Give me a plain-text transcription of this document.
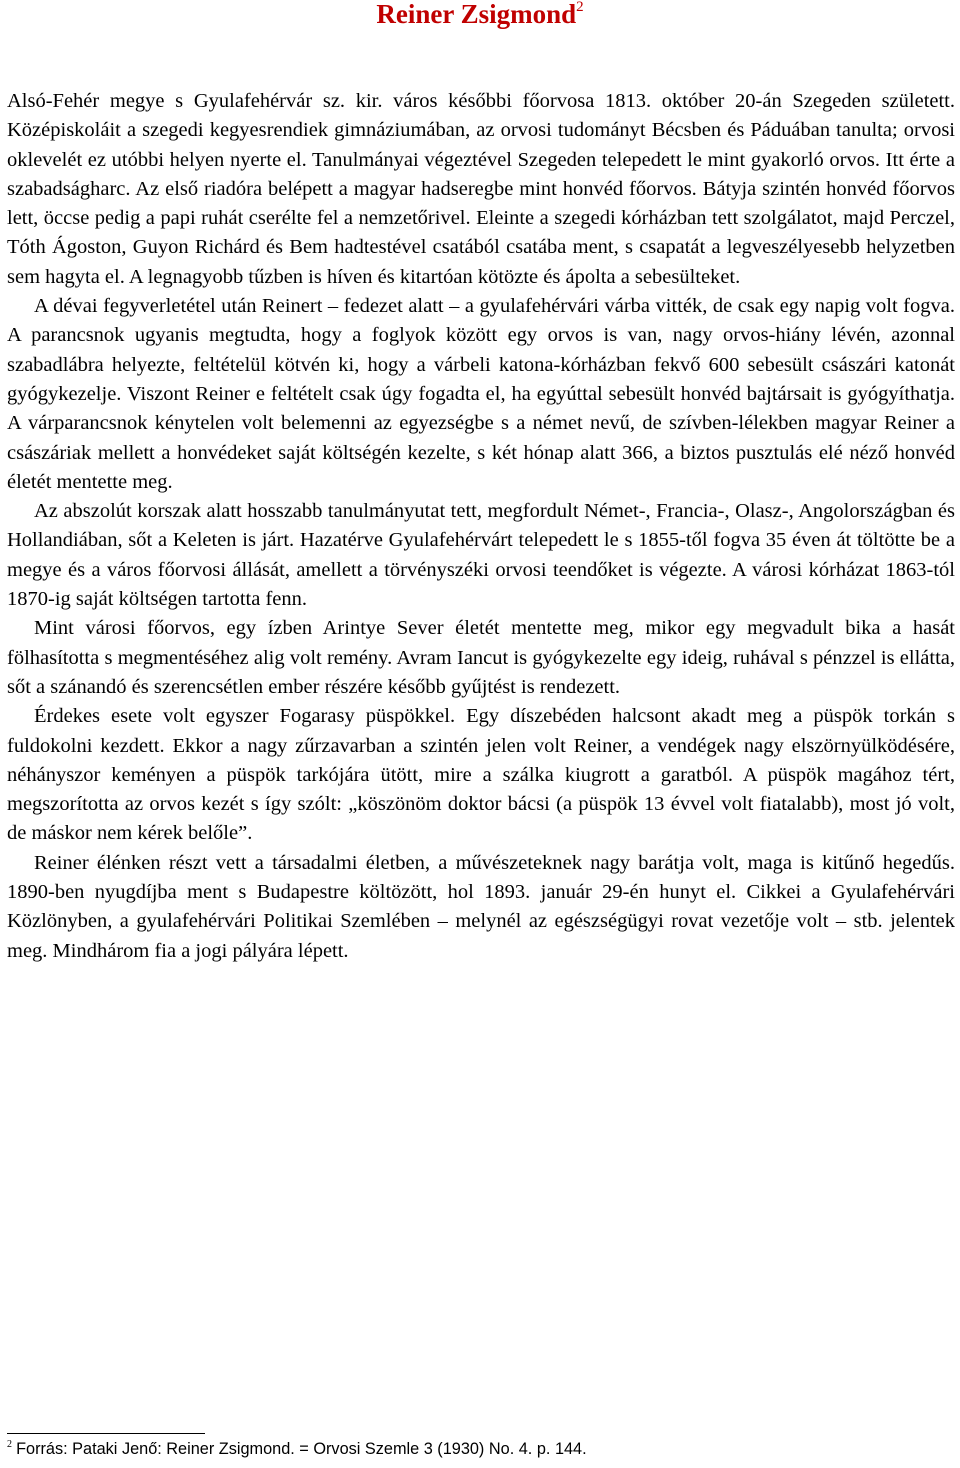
Reiner Zsigmond$^2$

Alsó-Fehér megye s Gyulafehérvár sz. kir. város későbbi főorvosa 1813. október 20-án Szegeden született. Középiskoláit a szegedi kegyesrendiek gimnáziumában, az orvosi tudományt Bécsben és Páduában tanulta; orvosi oklevelét ez utóbbi helyen nyerte el. Tanulmányai végeztével Szegeden telepedett le mint gyakorló orvos. Itt érte a szabadságharc. Az első riadóra belépett a magyar hadseregbe mint honvéd főorvos. Bátyja szintén honvéd főorvos lett, öccse pedig a papi ruhát cserélte fel a nemzetőrivel. Eleinte a szegedi kórházban tett szolgálatot, majd Perczel, Tóth Ágoston, Guyon Richárd és Bem hadtestével csatából csatába ment, s csapatát a legveszélyesebb helyzetben sem hagyta el. A legnagyobb tűzben is híven és kitartóan kötözte és ápolta a sebesülteket.

A dévai fegyverletétel után Reinert – fedezet alatt – a gyulafehérvári várba vitték, de csak egy napig volt fogva. A parancsnok ugyanis megtudta, hogy a foglyok között egy orvos is van, nagy orvos-hiány lévén, azonnal szabadlábra helyezte, feltételül kötvén ki, hogy a várbeli katona-kórházban fekvő 600 sebesült császári katonát gyógykezelje. Viszont Reiner e feltételt csak úgy fogadta el, ha egyúttal sebesült honvéd bajtársait is gyógyíthatja. A várparancsnok kénytelen volt belemenni az egyezségbe s a német nevű, de szívben-lélekben magyar Reiner a császáriak mellett a honvédeket saját költségén kezelte, s két hónap alatt 366, a biztos pusztulás elé néző honvéd életét mentette meg.

Az abszolút korszak alatt hosszabb tanulmányutat tett, megfordult Német-, Francia-, Olasz-, Angolországban és Hollandiában, sőt a Keleten is járt. Hazatérve Gyulafehérvárt telepedett le s 1855-től fogva 35 éven át töltötte be a megye és a város főorvosi állását, amellett a törvényszéki orvosi teendőket is végezte. A városi kórházat 1863-tól 1870-ig saját költségen tartotta fenn.

Mint városi főorvos, egy ízben Arintye Sever életét mentette meg, mikor egy megvadult bika a hasát fölhasította s megmentéséhez alig volt remény. Avram Iancut is gyógykezelte egy ideig, ruhával s pénzzel is ellátta, sőt a szánandó és szerencsétlen ember részére később gyűjtést is rendezett.

Érdekes esete volt egyszer Fogarasy püspökkel. Egy díszebéden halcsont akadt meg a püspök torkán s fuldokolni kezdett. Ekkor a nagy zűrzavarban a szintén jelen volt Reiner, a vendégek nagy elszörnyülködésére, néhányszor keményen a püspök tarkójára ütött, mire a szálka kiugrott a garatból. A püspök magához tért, megszorította az orvos kezét s így szólt: „köszönöm doktor bácsi (a püspök 13 évvel volt fiatalabb), most jó volt, de máskor nem kérek belőle”.

Reiner élénken részt vett a társadalmi életben, a művészeteknek nagy barátja volt, maga is kitűnő hegedűs. 1890-ben nyugdíjba ment s Budapestre költözött, hol 1893. január 29-én hunyt el. Cikkei a Gyulafehérvári Közlönyben, a gyulafehérvári Politikai Szemlében – melynél az egészségügyi rovat vezetője volt – stb. jelentek meg. Mindhárom fia a jogi pályára lépett.

$^2$ Forrás: Pataki Jenő: Reiner Zsigmond. = Orvosi Szemle 3 (1930) No. 4. p. 144.
